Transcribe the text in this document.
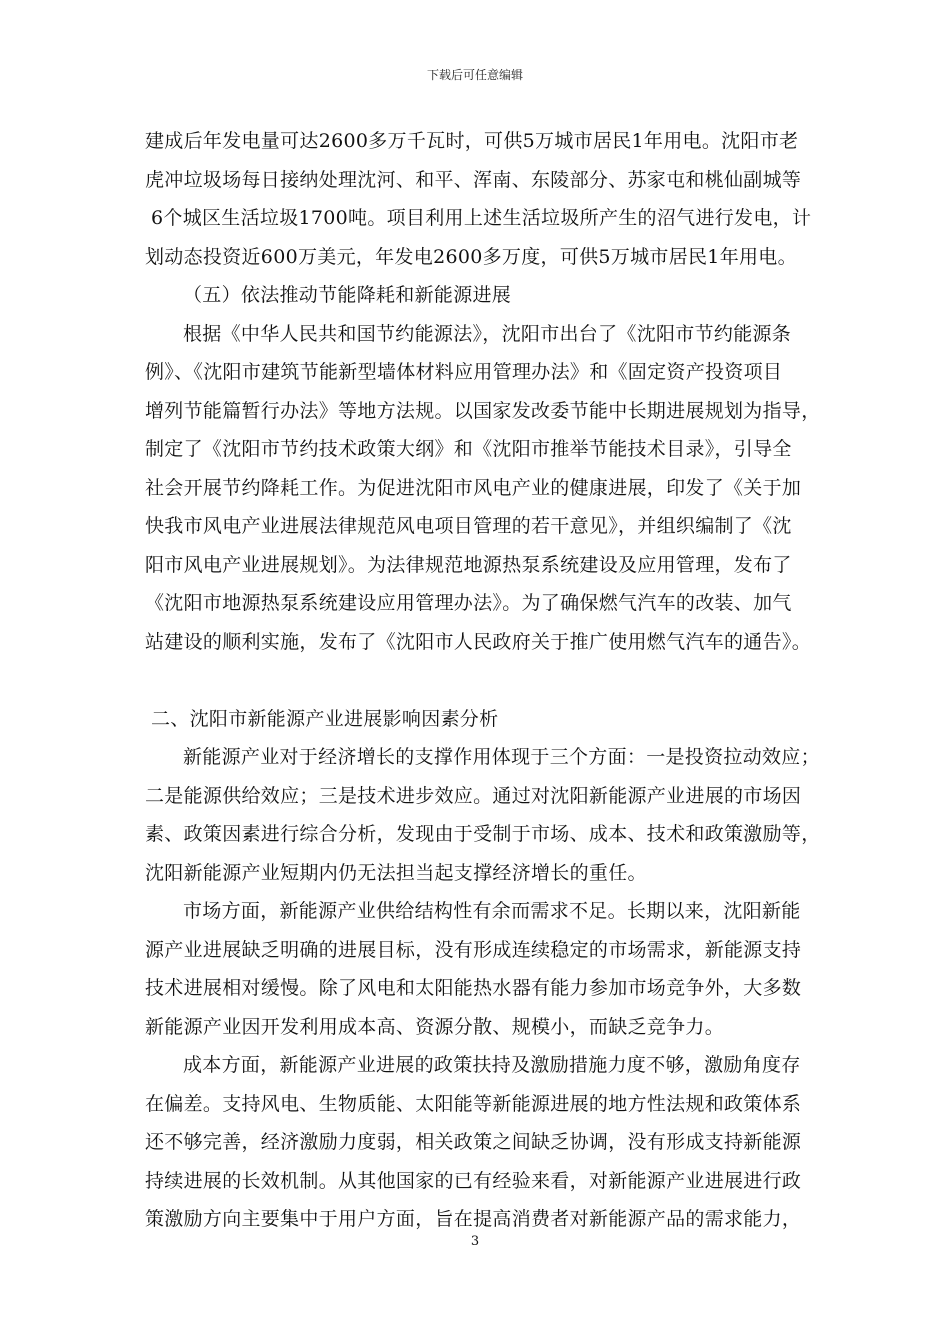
下载后可任意编辑
建成后年发电量可达2600多万千瓦时，可供5万城市居民1年用电。沈阳市老
虎冲垃圾场每日接纳处理沈河、和平、浑南、东陵部分、苏家屯和桃仙副城等
6个城区生活垃圾1700吨。项目利用上述生活垃圾所产生的沼气进行发电，计
划动态投资近600万美元，年发电2600多万度，可供5万城市居民1年用电。
（五）依法推动节能降耗和新能源进展
根据《中华人民共和国节约能源法》，沈阳市出台了《沈阳市节约能源条
例》、《沈阳市建筑节能新型墙体材料应用管理办法》和《固定资产投资项目
增列节能篇暂行办法》等地方法规。以国家发改委节能中长期进展规划为指导，
制定了《沈阳市节约技术政策大纲》和《沈阳市推举节能技术目录》，引导全
社会开展节约降耗工作。为促进沈阳市风电产业的健康进展，印发了《关于加
快我市风电产业进展法律规范风电项目管理的若干意见》，并组织编制了《沈
阳市风电产业进展规划》。为法律规范地源热泵系统建设及应用管理，发布了
《沈阳市地源热泵系统建设应用管理办法》。为了确保燃气汽车的改装、加气
站建设的顺利实施，发布了《沈阳市人民政府关于推广使用燃气汽车的通告》。
二、沈阳市新能源产业进展影响因素分析
新能源产业对于经济增长的支撑作用体现于三个方面：一是投资拉动效应；
二是能源供给效应；三是技术进步效应。通过对沈阳新能源产业进展的市场因
素、政策因素进行综合分析，发现由于受制于市场、成本、技术和政策激励等，
沈阳新能源产业短期内仍无法担当起支撑经济增长的重任。
市场方面，新能源产业供给结构性有余而需求不足。长期以来，沈阳新能
源产业进展缺乏明确的进展目标，没有形成连续稳定的市场需求，新能源支持
技术进展相对缓慢。除了风电和太阳能热水器有能力参加市场竞争外，大多数
新能源产业因开发利用成本高、资源分散、规模小，而缺乏竞争力。
成本方面，新能源产业进展的政策扶持及激励措施力度不够，激励角度存
在偏差。支持风电、生物质能、太阳能等新能源进展的地方性法规和政策体系
还不够完善，经济激励力度弱，相关政策之间缺乏协调，没有形成支持新能源
持续进展的长效机制。从其他国家的已有经验来看，对新能源产业进展进行政
策激励方向主要集中于用户方面，旨在提高消费者对新能源产品的需求能力，
3
